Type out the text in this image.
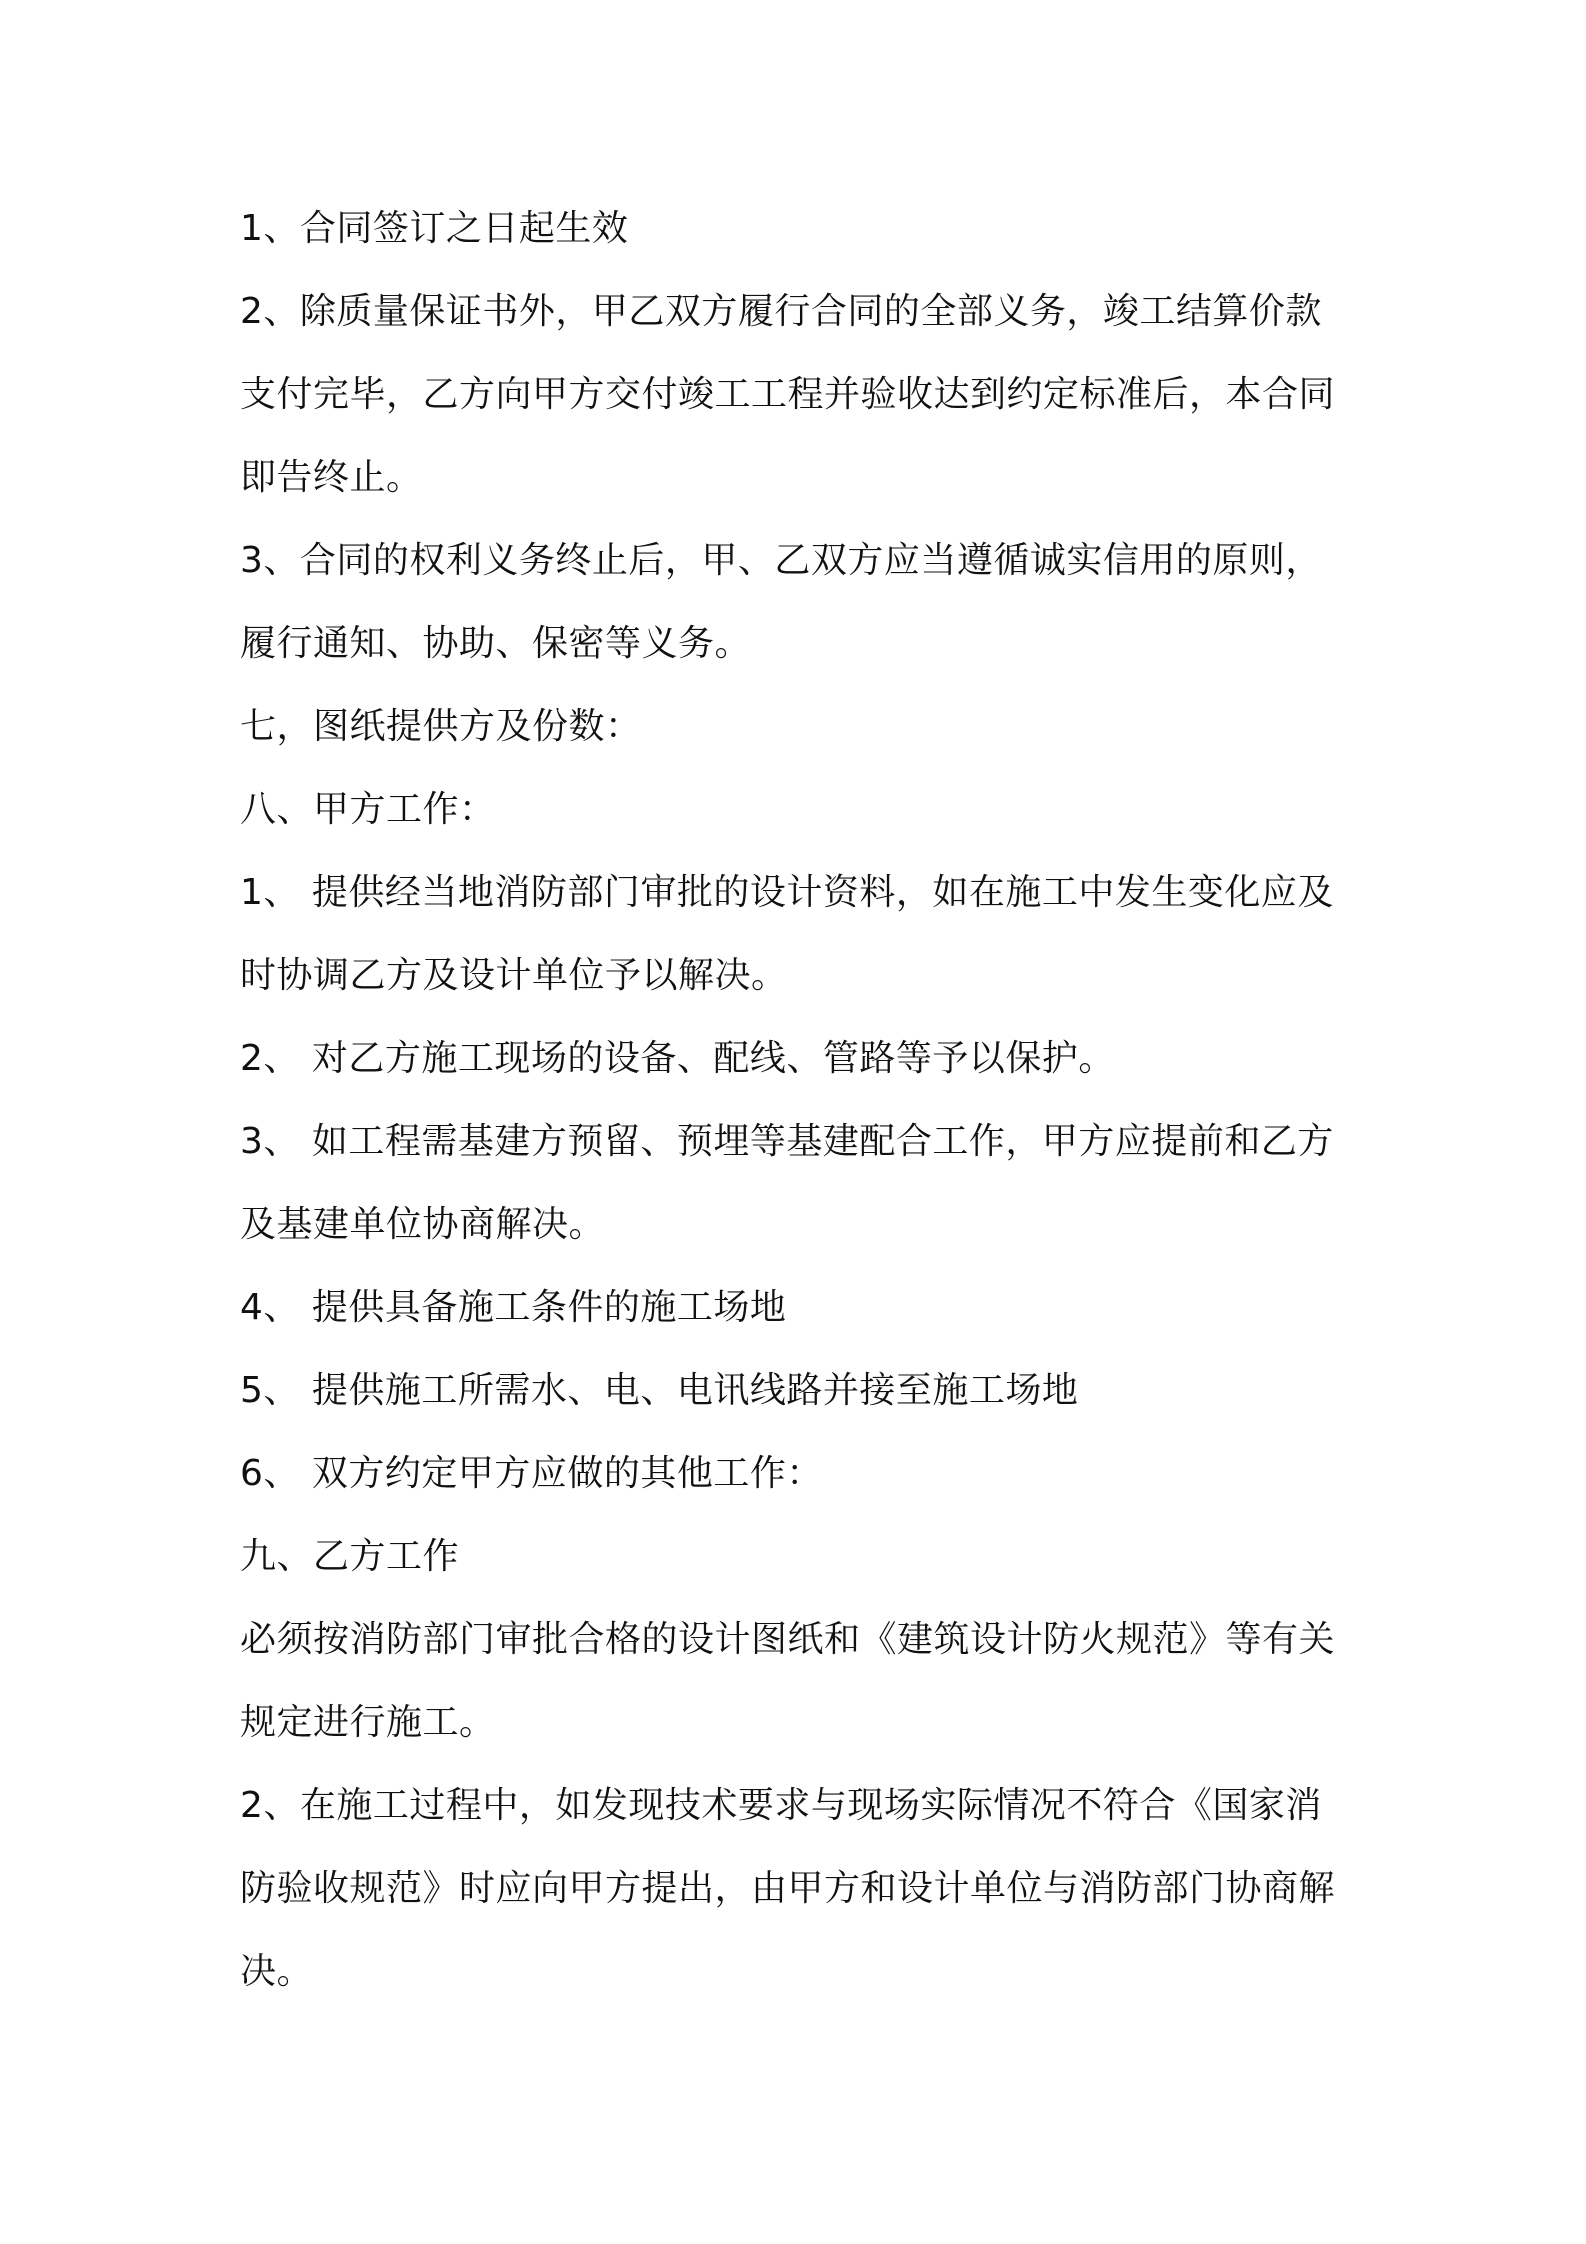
1、合同签订之日起生效
2、除质量保证书外，甲乙双方履行合同的全部义务，竣工结算价款
支付完毕，乙方向甲方交付竣工工程并验收达到约定标准后，本合同
即告终止。
3、合同的权利义务终止后，甲、乙双方应当遵循诚实信用的原则，
履行通知、协助、保密等义务。
七，图纸提供方及份数：
八、甲方工作：
1、 提供经当地消防部门审批的设计资料，如在施工中发生变化应及
时协调乙方及设计单位予以解决。
2、 对乙方施工现场的设备、配线、管路等予以保护。
3、 如工程需基建方预留、预埋等基建配合工作，甲方应提前和乙方
及基建单位协商解决。
4、 提供具备施工条件的施工场地
5、 提供施工所需水、电、电讯线路并接至施工场地
6、 双方约定甲方应做的其他工作：
九、乙方工作
必须按消防部门审批合格的设计图纸和《建筑设计防火规范》等有关
规定进行施工。
2、在施工过程中，如发现技术要求与现场实际情况不符合《国家消
防验收规范》时应向甲方提出，由甲方和设计单位与消防部门协商解
决。
